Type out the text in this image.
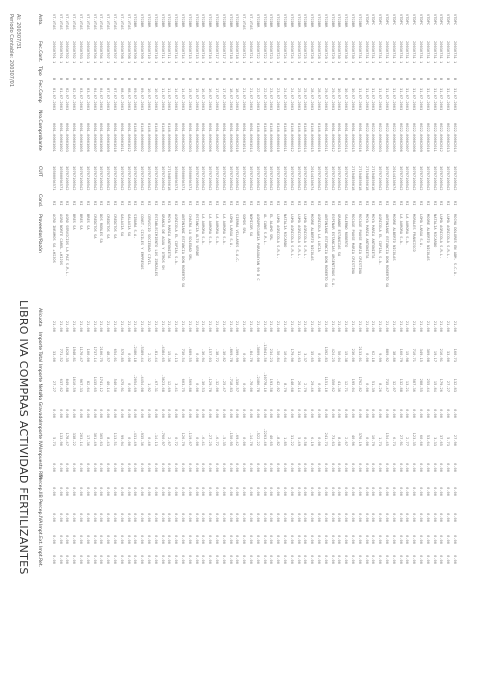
LIBRO IVA COMPRAS ACTIVIDAD FERTILIZANTES
Periodo Contable: 200307/01
Al: 200307/31
Asto.
Fec.Cont.
Tipo
Fec.Comp
Nro.Comprobante
CUIT
Cond.
Proveedor/Razón
Alícuota
Importe Total
Importe Neto
No Gravado
Importe IVA
Impuesto RNI
Percep.IIB
Percep.IVA
Impt.Ext.
Impt.Ret.
VT-VTAS
20030701 1
B
01.07.2003
0001-00003001
30500094571
RI
ACRO INSUMOS SA +HIJOS
21.00
33.00
27.27
0.00
5.73
0.00
0.00
0.00
0.00
0.00
VT-VTAS
20030701 1
B
01.07.2003
0001-00003002
30500094571
RI
AGRO NORTE CAREL +HIJOS
21.00
771.52
637.62
0.00
133.90
0.00
0.00
0.00
0.00
0.00
VT-VTAS
20030702 1
B
02.07.2003
0001-00003003
30707100542
RI
AGRO SERVICIOS LA PAZ S.R.L.
21.00
1028.35
849.88
0.00
178.47
0.00
0.00
0.00
0.00
0.00
VT-VTAS
20030702 1
B
02.07.2003
0001-00003004
30707100542
RI
BRES SA
21.00
1948.81
1610.59
0.00
338.22
0.00
0.00
0.00
0.00
0.00
VT-VTAS
20030703 1
B
03.07.2003
0001-00003005
30707100542
RI
BRES SA
21.00
1170.47
967.33
0.00
203.14
0.00
0.00
0.00
0.00
0.00
VT-VTAS
20030703 1
B
03.07.2003
0001-00003006
30707100542
RI
BRES SA
21.00
100.00
82.64
0.00
17.36
0.00
0.00
0.00
0.00
0.00
VT-VTAS
20030704 1
B
04.07.2003
0001-00003007
30707100542
RI
CREDITOS SA
21.00
1737.14
1435.65
0.00
301.49
0.00
0.00
0.00
0.00
0.00
VT-VTAS
20030704 1
B
04.07.2003
0001-00003008
30707100542
RI
DOS ROBLES SA
21.00
2106.75
1741.12
0.00
365.63
0.00
0.00
0.00
0.00
0.00
VT-VTAS
20030707 1
B
07.07.2003
0001-00003009
30707100542
RI
CREDITOS SA
21.00
48.57
40.14
0.00
8.43
0.00
0.00
0.00
0.00
0.00
VT-VTAS
20030707 1
B
07.07.2003
0001-00003010
30707100542
RI
CREDITOS SA
21.00
654.01
540.50
0.00
113.51
0.00
0.00
0.00
0.00
0.00
VT-VTAS
20030708 1
B
08.07.2003
0001-00003011
30707100542
RI
GALAXIA SA
21.00
575.85
475.91
0.00
99.94
0.00
0.00
0.00
0.00
0.00
VT-VTAS
20030708 1
B
08.07.2003
0001-00003012
30707100542
RI
GALAXIA SA
21.00
0.00
0.00
0.00
0.00
0.00
0.00
0.00
0.00
0.00
VTCOBR
20030709 1
B
09.07.2003
0146-00006001
30707100542
RI
SIBARA S.A.
21.00
-2486.18
-2054.69
0.00
-431.49
0.00
0.00
0.00
0.00
0.00
VTCOBR
20030709 1
B
09.07.2003
0146-00006002
30707100542
RI
CONST. CIVILES Y EMPRESAS
21.00
-5389.44
-4454.08
0.00
-935.36
0.00
0.00
0.00
0.00
0.00
VTCOBR
20030710 1
B
10.07.2003
0146-00006003
30707100542
RI
CERVICIO SOCIEDAD CIVIL
21.00
2.32
1.92
0.00
0.40
0.00
0.00
0.00
0.00
0.00
VTCOBR
20030710 1
B
10.07.2003
0146-00006004
30707100542
RI
ESTABLECIMIENTO LOS ZORZALES
21.00
-81.44
-67.31
0.00
-14.13
0.00
0.00
0.00
0.00
0.00
VTCOBR
20030711 1
B
11.07.2003
0146-00006005
30707100542
RI
GRANJA DE AGUA Y OTROS SH
21.00
-4384.65
-3623.68
0.00
-760.97
0.00
0.00
0.00
0.00
0.00
VTCOBR
20030711 1
B
11.07.2003
0146-00006006
27194850018
RI
MOYA MARIA ANTONIETA
21.00
15.36
12.69
0.00
2.67
0.00
0.00
0.00
0.00
0.00
VTCOBR
20030714 1
B
14.07.2003
0001-00002001
30500094571
RI
AGRICOLA EL COPIAL S.A.
21.00
4.13
3.41
0.00
0.72
0.00
0.00
0.00
0.00
0.00
VTCOBR
20030714 1
B
14.07.2003
0001-00002002
30500094571
RI
ANTONIANI ESTANCIA DON ROBERTO SA
21.00
730.54
603.75
0.00
126.79
0.00
0.00
0.00
0.00
0.00
VTCOBR
20030715 1
B
15.07.2003
0001-00002003
30500094571
RI
CHACRA LA SOLEDAD SRL
21.00
-689.55
-569.88
0.00
-119.67
0.00
0.00
0.00
0.00
0.00
VTCOBR
20030715 1
B
15.07.2003
0001-00002004
30707100542
RI
ESTANCIA ALTO VERDE
21.00
0.00
0.00
0.00
0.00
0.00
0.00
0.00
0.00
0.00
VTCOBR
20030716 1
B
16.07.2003
0001-00002005
30707100542
RI
LA AURORA S.A.
21.00
-36.94
-30.53
0.00
-6.41
0.00
0.00
0.00
0.00
0.00
VTCOBR
20030716 1
B
16.07.2003
0001-00002006
30707100542
RI
LA AURORA S.A.
21.00
-157.03
-129.78
0.00
-27.25
0.00
0.00
0.00
0.00
0.00
VTCOBR
20030717 1
B
17.07.2003
0001-00002007
30707100542
RI
LA AURORA S.A.
21.00
-38.72
-32.00
0.00
-6.72
0.00
0.00
0.00
0.00
0.00
VTCOBR
20030717 1
B
17.07.2003
0001-00002008
30707100542
RI
LA AURORA S.A.
21.00
-30.82
-25.47
0.00
-5.35
0.00
0.00
0.00
0.00
0.00
VTCOBR
20030718 1
B
18.07.2003
0001-00002009
30707100542
RI
LOMA LARGA S.A.
21.00
-869.78
-718.83
0.00
-150.95
0.00
0.00
0.00
0.00
0.00
VTCOBR
20030718 1
B
18.07.2003
0001-00002010
30707100542
RI
SIERRA VILLARES S.A.C.
21.00
-399.99
-330.57
0.00
-69.42
0.00
0.00
0.00
0.00
0.00
VT-VTAS
20030721 1
B
21.07.2003
0001-00003013
30707100542
RI
SOMOS SRL
21.00
0.00
0.00
0.00
0.00
0.00
0.00
0.00
0.00
0.00
VT-VTAS
20030721 1
B
21.07.2003
0001-00003014
30707100542
RI
NOMICOR SA
21.00
-84.70
-70.00
0.00
-14.70
0.00
0.00
0.00
0.00
0.00
VTCOBR
20030722 1
B
22.07.2003
0146-00006007
30707100542
RI
AGROPECUARIA PARAGUAYAN 99 D C
21.00
-3009.00
-2486.78
0.00
-522.22
0.00
0.00
0.00
0.00
0.00
VTCOBR
20030722 1
B
22.07.2003
0146-00006008
30707100542
RI
AL CANE S.R.L.
21.00
-13041.50
-10778.10
0.00
-2263.40
0.00
0.00
0.00
0.00
0.00
VTCOBR
20030723 1
B
23.07.2003
0146-00006009
30707100542
RI
EL ALAMO SRL
21.00
234.23
193.58
0.00
40.65
0.00
0.00
0.00
0.00
0.00
VTCOBR
20030723 1
B
23.07.2003
0146-00006010
30707100542
RI
LUMA AGRICOLA S.R.L.
21.00
-50.84
-42.02
0.00
-8.82
0.00
0.00
0.00
0.00
0.00
VTCOBR
20030724 1
B
24.07.2003
0146-00006011
30707100542
RI
NATALIA RICARDO
21.00
10.64
8.79
0.00
1.85
0.00
0.00
0.00
0.00
0.00
VTCOBR
20030724 1
B
24.07.2003
0146-00006012
30707100542
RI
LUMA AGRICOLA S.R.L.
21.00
179.90
148.68
0.00
31.22
0.00
0.00
0.00
0.00
0.00
VTCOBR
20030725 1
B
25.07.2003
0146-00006013
30707100542
RI
LUMA AGRICOLA S.R.L.
21.00
31.63
26.14
0.00
5.49
0.00
0.00
0.00
0.00
0.00
VTCOBR
20030725 1
B
25.07.2003
0146-00006014
30707100542
RI
LUMA AGRICOLA S.R.L.
21.00
3.37
2.79
0.00
0.58
0.00
0.00
0.00
0.00
0.00
VTCOBR
20030728 1
B
28.07.2003
0146-00006015
20144330674
RI
MOORE ALBERTO NICOLAS
21.00
35.65
29.46
0.00
6.19
0.00
0.00
0.00
0.00
0.00
VTCOBR
20030728 1
B
28.07.2003
0146-00006016
30707100542
RI
AGRICOLA LA LUCIA
21.00
0.00
0.00
0.00
0.00
0.00
0.00
0.00
0.00
0.00
VTCOBR
20030729 1
B
29.07.2003
0001-00002011
30707100542
RI
ANTONIANI ESTANCIA DON ROBERTO SA
21.00
1392.83
1151.10
0.00
241.73
0.00
0.00
0.00
0.00
0.00
VTCOBR
20030729 1
B
29.07.2003
0001-00002012
30707100542
RI
ESPINAR ESTANCIAS ARGENTINAS S.A.
21.00
424.25
350.62
0.00
73.63
0.00
0.00
0.00
0.00
0.00
VTCOBR
20030730 1
B
30.07.2003
0001-00002013
30707100542
RI
GRANDE ESTANCIAS SA
21.00
50.04
41.36
0.00
8.68
0.00
0.00
0.00
0.00
0.00
VTCOBR
20030730 1
B
30.07.2003
0001-00002014
30707100542
RI
SALERNO ROBERTO
21.00
15.38
12.71
0.00
2.67
0.00
0.00
0.00
0.00
0.00
VTCOBR
20030730 1
B
30.07.2003
0001-00002015
27194850018
RI
ROCAGE PAUSE MARIA CRISTINA
21.00
236.00
195.04
0.00
40.96
0.00
0.00
0.00
0.00
0.00
VTCOBR
20030731 1
B
31.07.2003
0001-00002016
27194850018
RI
ROCAGE PAUSE MARIA CRISTINA
21.00
2133.01
1762.82
0.00
370.19
0.00
0.00
0.00
0.00
0.00
VTDPC
20030731 1
B
31.07.2003
0022-00002001
27194850018
RI
MOYA MARIA ANTONIETA
21.00
0.00
0.00
0.00
0.00
0.00
0.00
0.00
0.00
0.00
VTDPC
20030731 1
B
31.07.2003
0022-00002002
27194850018
RI
MOYA MARIA ANTONIETA
21.00
62.18
51.39
0.00
10.79
0.00
0.00
0.00
0.00
0.00
VTDPC
20030731 1
B
31.07.2003
0022-00002003
30707100542
RI
AGRICOLA EL COPIAL S.A.
21.00
9.99
8.26
0.00
1.73
0.00
0.00
0.00
0.00
0.00
VTDPC
20030731 1
B
31.07.2003
0022-00002004
30707100542
RI
ANTONIANI ESTANCIA DON ROBERTO SA
21.00
889.92
735.47
0.00
154.45
0.00
0.00
0.00
0.00
0.00
VTDPC
20030731 1
B
31.07.2003
0022-00002005
20144330674
RI
MOORE ALBERTO NICOLAS
21.00
38.80
32.07
0.00
6.73
0.00
0.00
0.00
0.00
0.00
VTDPC
20030731 1
B
31.07.2003
0022-00002006
30707100542
RI
LA AURORA S.A.
21.00
160.79
132.88
0.00
27.91
0.00
0.00
0.00
0.00
0.00
VTDPC
20030731 1
B
31.07.2003
0022-00002007
30707100542
RI
LA AURORA S.A.
21.00
15.98
13.21
0.00
2.77
0.00
0.00
0.00
0.00
0.00
VTDPC
20030731 1
B
31.07.2003
0022-00002008
30707100542
RI
MORALES FRANCISCO
21.00
710.71
587.36
0.00
123.35
0.00
0.00
0.00
0.00
0.00
VTDPC
20030731 1
B
31.07.2003
0022-00002009
30707100542
RI
LOMA LARGA S.A.
21.00
349.15
288.55
0.00
60.60
0.00
0.00
0.00
0.00
0.00
VTDPC
20030731 1
B
31.07.2003
0022-00002010
30707100542
RI
MOORE ALBERTO NICOLAS
21.00
309.08
255.44
0.00
53.64
0.00
0.00
0.00
0.00
0.00
VTDPC
20030731 1
B
31.07.2003
0022-00002011
30707100542
RI
NATALIA RICARDO
21.00
19.17
15.84
0.00
3.33
0.00
0.00
0.00
0.00
0.00
VTDPC
20030731 1
B
31.07.2003
0022-00002012
30707100542
RI
LUMA AGRICOLA S.R.L.
21.00
216.91
179.26
0.00
37.65
0.00
0.00
0.00
0.00
0.00
VTDPC
20030731 1
B
31.07.2003
0022-00002013
30707100542
RI
LUMA AGRICOLA S.R.L.
21.00
33.00
27.27
0.00
5.73
0.00
0.00
0.00
0.00
0.00
VTDPC
20030731 1
B
31.07.2003
0022-00002014
30707100542
RI
ROCHA DOLORES EN ADM. S.C.A.
21.00
160.73
132.83
0.00
27.90
0.00
0.00
0.00
0.00
0.00
